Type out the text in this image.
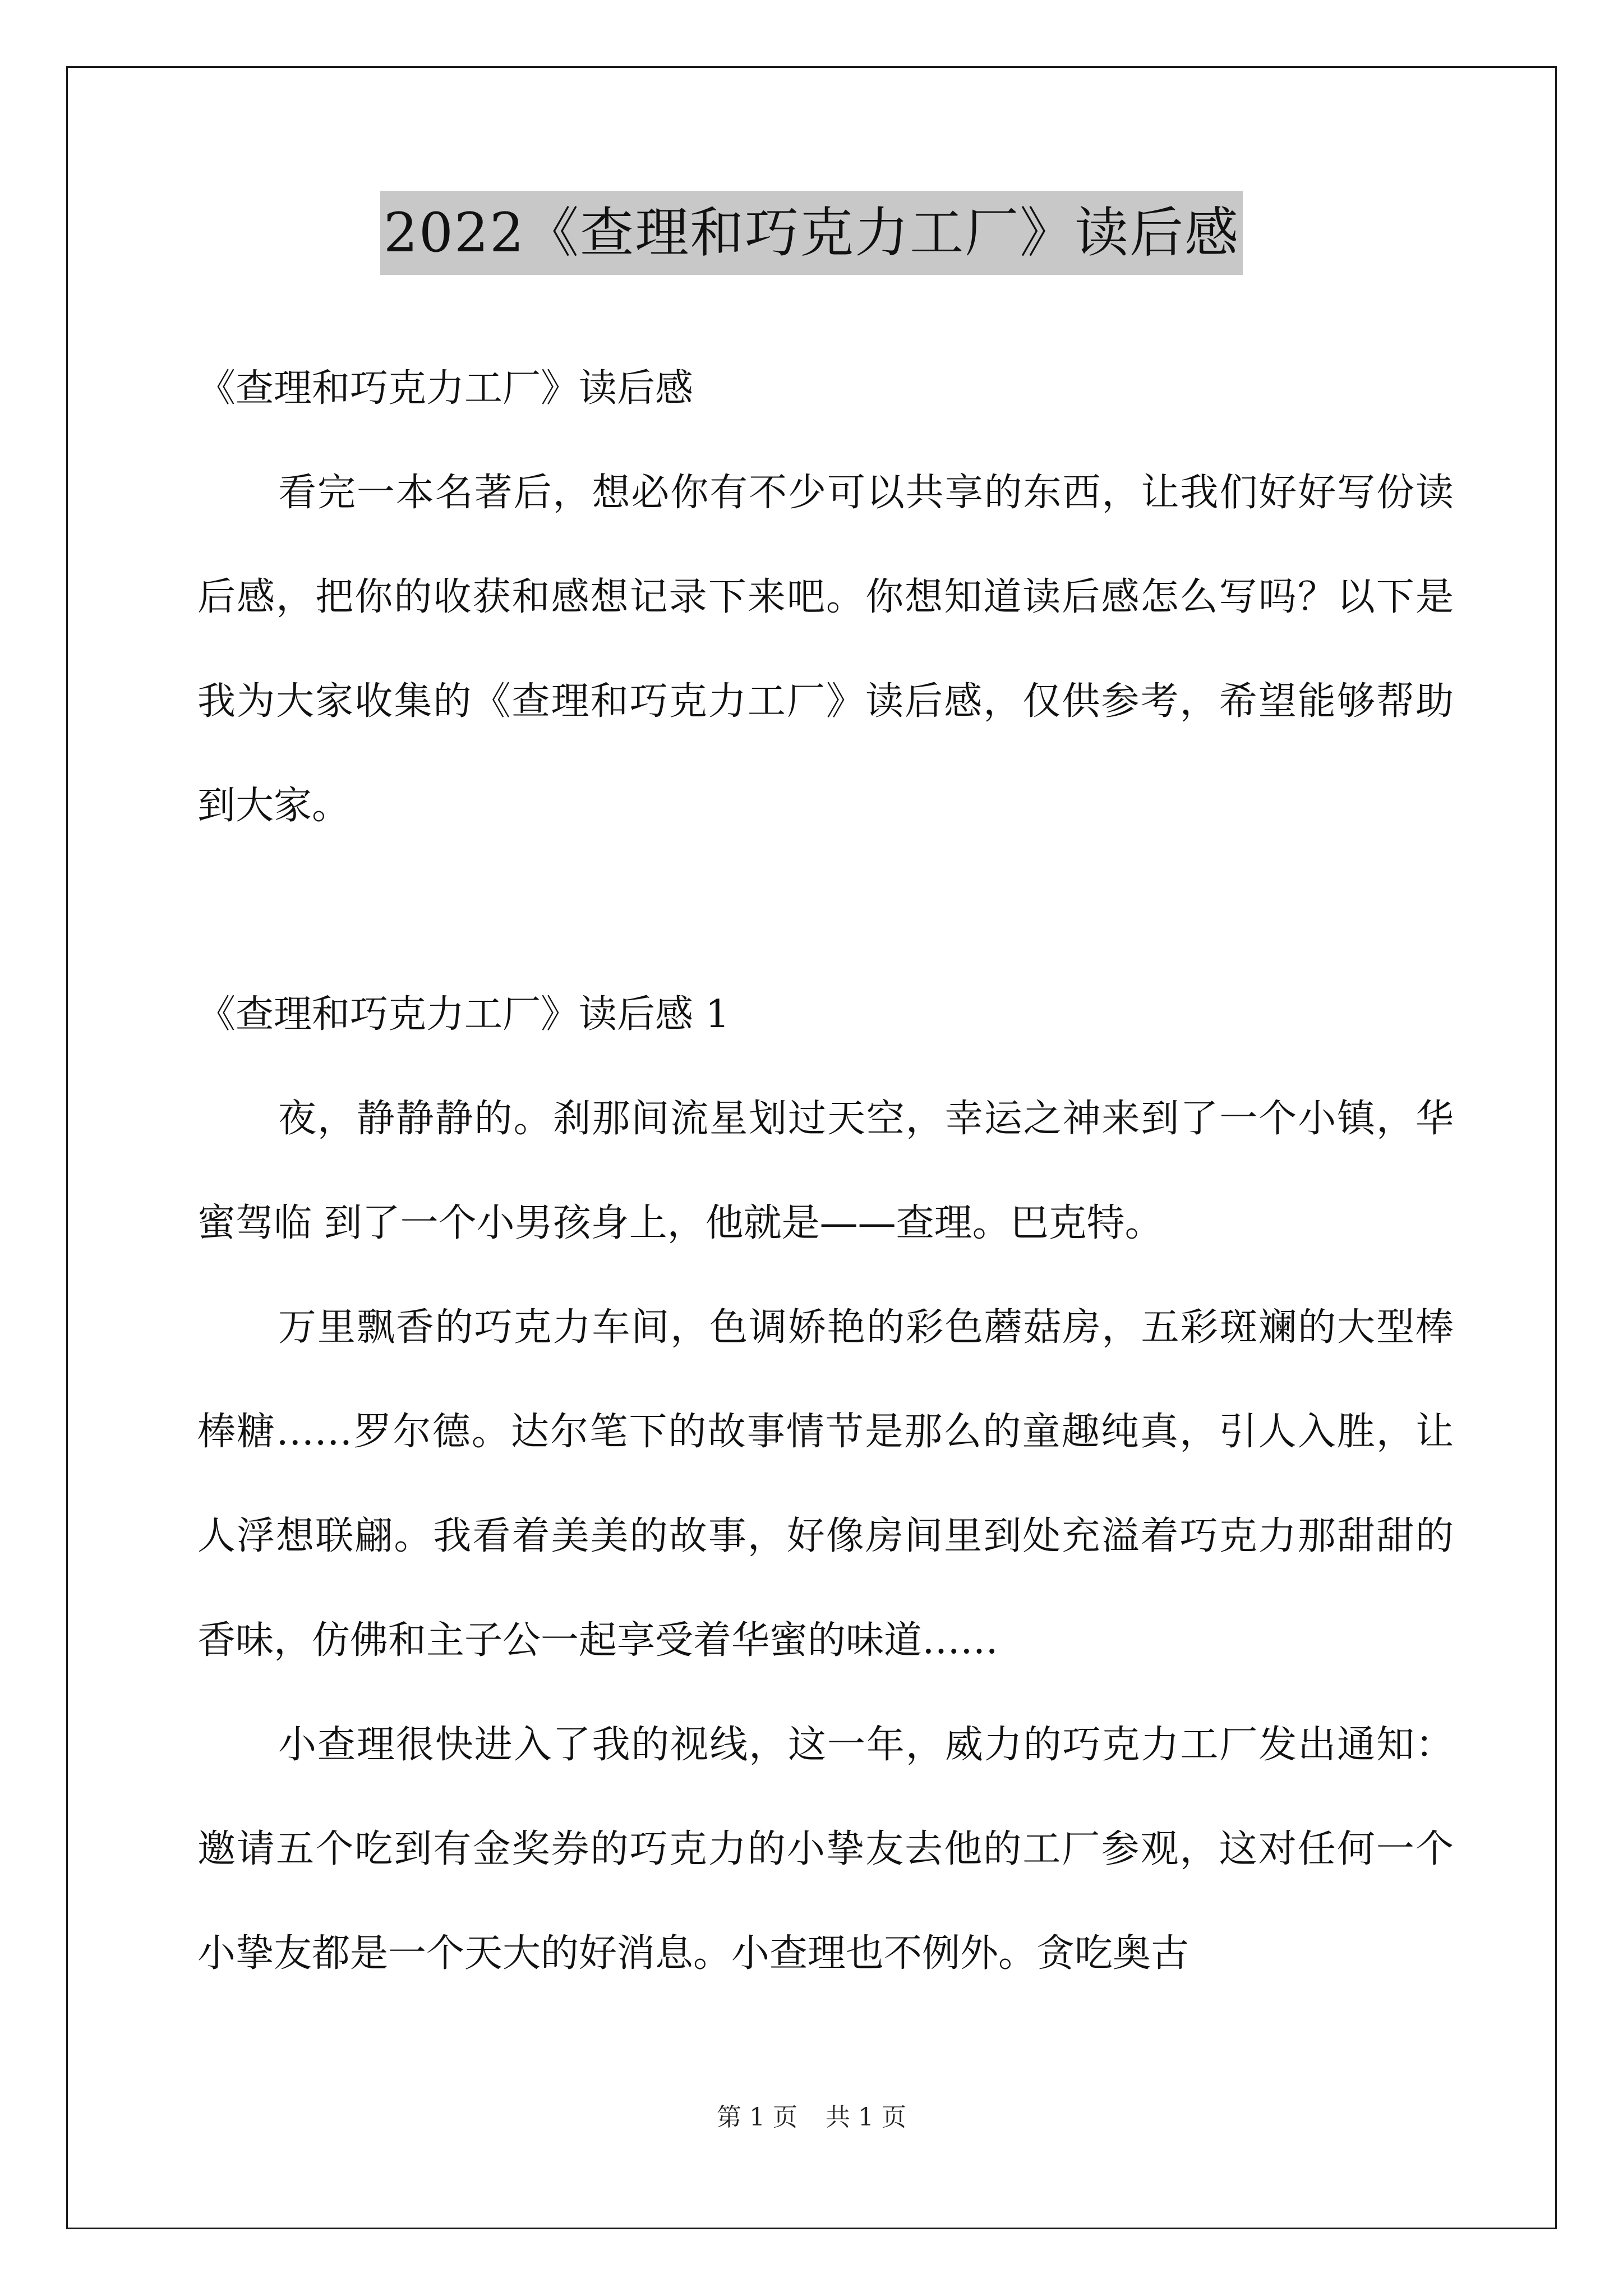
2022《查理和巧克力工厂》读后感

《查理和巧克力工厂》读后感

看完一本名著后，想必你有不少可以共享的东西，让我们好好写份读后感，把你的收获和感想记录下来吧。你想知道读后感怎么写吗？以下是我为大家收集的《查理和巧克力工厂》读后感，仅供参考，希望能够帮助到大家。

《查理和巧克力工厂》读后感 1

夜，静静静的。刹那间流星划过天空，幸运之神来到了一个小镇，华蜜驾临 到了一个小男孩身上，他就是——查理。巴克特。

万里飘香的巧克力车间，色调娇艳的彩色蘑菇房，五彩斑斓的大型棒棒糖……罗尔德。达尔笔下的故事情节是那么的童趣纯真，引人入胜，让人浮想联翩。我看着美美的故事，好像房间里到处充溢着巧克力那甜甜的香味，仿佛和主子公一起享受着华蜜的味道……

小查理很快进入了我的视线，这一年，威力的巧克力工厂发出通知：邀请五个吃到有金奖券的巧克力的小挚友去他的工厂参观，这对任何一个小挚友都是一个天大的好消息。小查理也不例外。贪吃奥古

第 1 页 共 1 页
